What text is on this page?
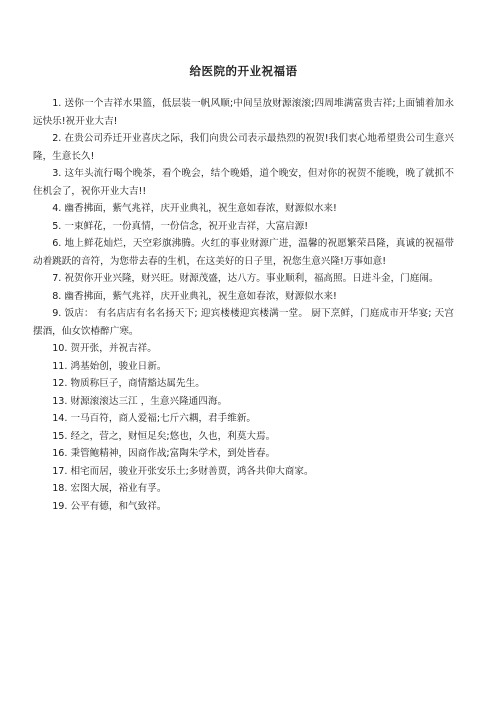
给医院的开业祝福语

1. 送你一个吉祥水果篮，低层装一帆风顺;中间呈放财源滚滚;四周堆满富贵吉祥;上面铺着加永远快乐!祝开业大吉!

2. 在贵公司乔迁开业喜庆之际，我们向贵公司表示最热烈的祝贺!我们衷心地希望贵公司生意兴隆，生意长久!

3. 这年头流行喝个晚茶，看个晚会，结个晚婚，道个晚安，但对你的祝贺不能晚，晚了就抓不住机会了，祝你开业大吉!!

4. 幽香拂面，紫气兆祥，庆开业典礼，祝生意如春浓，财源似水来!

5. 一束鲜花，一份真情，一份信念，祝开业吉祥，大富启源!

6. 地上鲜花灿烂，天空彩旗沸腾。火红的事业财源广进，温馨的祝愿繁荣昌隆，真诚的祝福带动着跳跃的音符，为您带去春的生机，在这美好的日子里，祝您生意兴隆!万事如意!

7. 祝贺你开业兴隆，财兴旺。财源茂盛，达八方。事业顺利，福高照。日进斗金，门庭闹。

8. 幽香拂面，紫气兆祥，庆开业典礼，祝生意如春浓，财源似水来!

9. 饭店： 有名店店有名名扬天下; 迎宾楼楼迎宾楼满一堂。 厨下烹鲜，门庭成市开华宴; 天宫摆酒，仙女饮椿醉广寒。

10. 贺开张，并祝吉祥。

11. 鸿基始创，骏业日新。

12. 物质称巨子，商情豁达属先生。

13. 财源滚滚达三江 ，生意兴隆通四海。

14. 一马百符，商人爱福;七斤六耦，君手维新。

15. 经之，营之，财恒足矣;悠也，久也，利莫大焉。

16. 秉管鲍精神，因商作战;富陶朱学术，到处皆春。

17. 相宅而居，骏业开张安乐土;多财善贾，鸿各共仰大商家。

18. 宏图大展，裕业有孚。

19. 公平有德，和气致祥。
